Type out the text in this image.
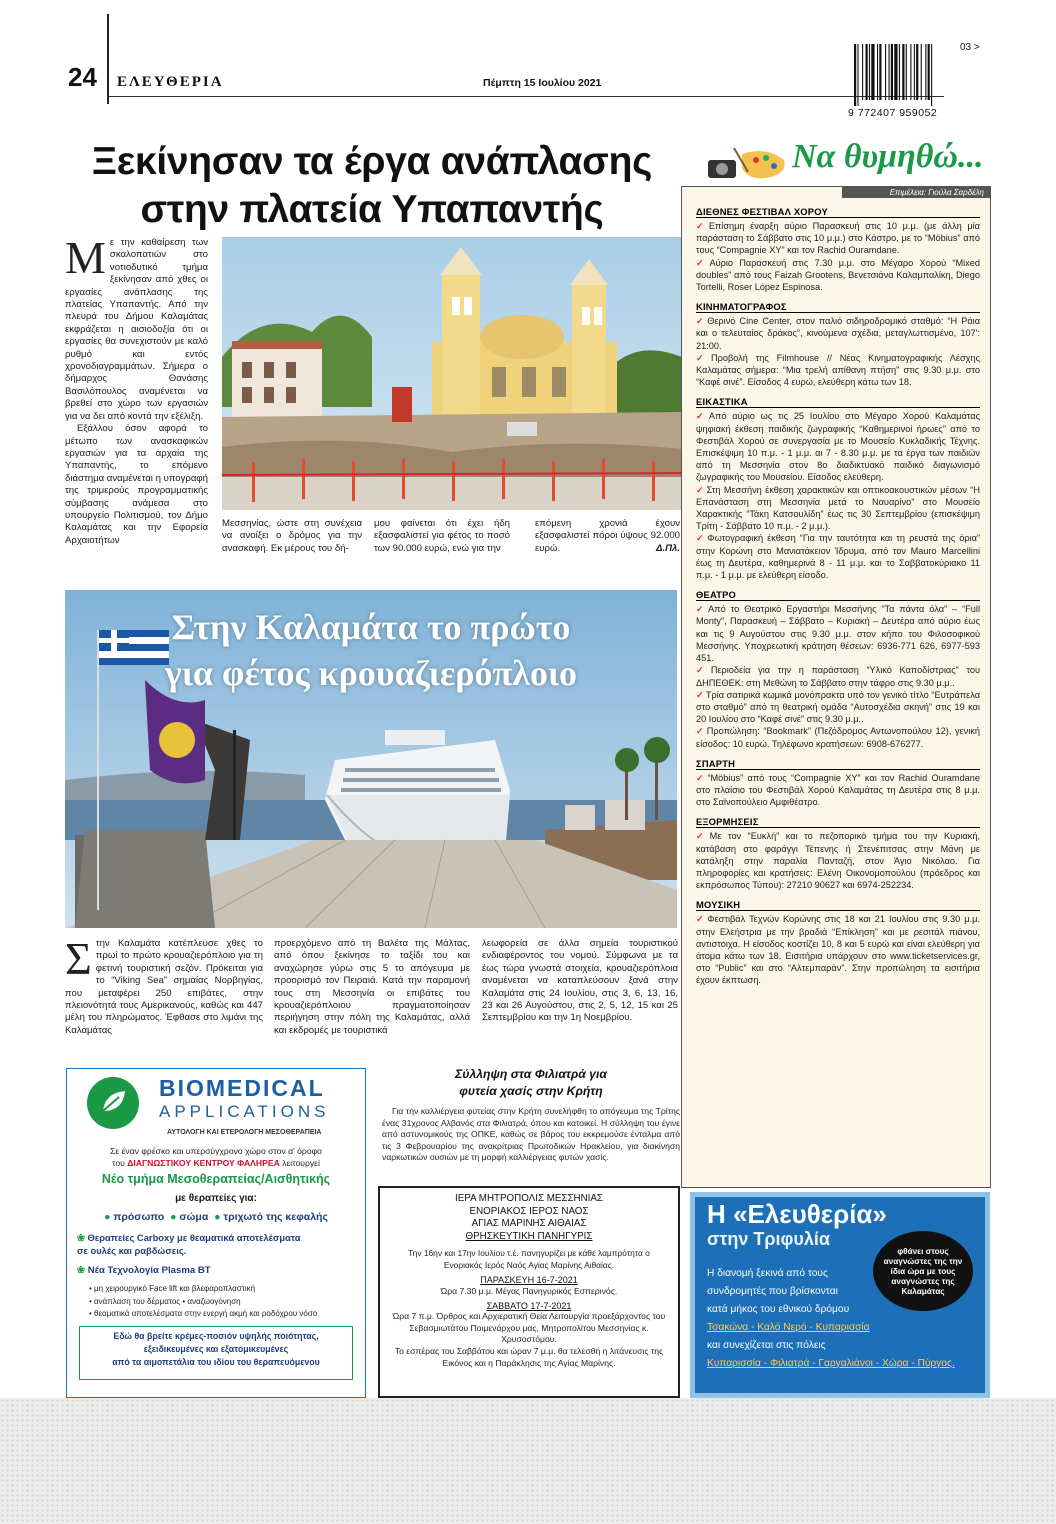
24 ΕΛΕΥΘΕΡΙΑ	Πέμπτη 15 Ιουλίου 2021
03 >
9 772407 959052
Ξεκίνησαν τα έργα ανάπλασης
στην πλατεία Υπαπαντής
Μ ε την καθαίρεση των σκαλοπατιών στο νοτιοδυτικό τμήμα ξεκίνησαν από χθες οι εργασίες ανάπλασης της πλατείας Υπαπαντής. Από την πλευρά του Δήμου Καλαμάτας εκφράζεται η αισιοδοξία ότι οι εργασίες θα συνεχιστούν με καλό ρυθμό και εντός χρονοδιαγραμμάτων. Σήμερα ο δήμαρχος Θανάσης Βασιλόπουλος αναμένεται να βρεθεί στο χώρο των εργασιών για να δει από κοντά την εξέλιξη.

Εξάλλου όσον αφορά το μέτωπο των ανασκαφικών εργασιών για τα αρχαία της Υπαπαντής, το επόμενο διάστημα αναμένεται η υπογραφή της τριμερούς προγραμματικής σύμβασης ανάμεσα στο υπουργείο Πολιτισμού, τον Δήμο Καλαμάτας και την Εφορεία Αρχαιοτήτων

Μεσσηνίας, ώστε στη συνέχεια να ανοίξει ο δρόμος για την ανασκαφή. Εκ μέρους του δή-
μου φαίνεται ότι έχει ήδη εξασφαλιστεί για φέτος το ποσό των 90.000 ευρώ, ενώ για την
επόμενη χρονιά έχουν εξασφαλιστεί πόροι ύψους 92.000 ευρώ.	Δ.Πλ.
Στην Καλαμάτα το πρώτο
για φέτος κρουαζιερόπλοιο
Σ την Καλαμάτα κατέπλευσε χθες το πρωί το πρώτο κρουαζιερόπλοιο για τη φετινή τουριστική σεζόν. Πρόκειται για το “Viking Sea” σημαίας Νορβηγίας, που μεταφέρει 250 επιβάτες, στην πλειονότητά τους Αμερικανούς, καθώς και 447 μέλη του πληρώματος. Έφθασε στο λιμάνι της Καλαμάτας
προερχόμενο από τη Βαλέτα της Μάλτας, από όπου ξεκίνησε το ταξίδι του και αναχώρησε γύρω στις 5 το απόγευμα με προορισμό τον Πειραιά. Κατά την παραμονή τους στη Μεσσηνία οι επιβάτες του κρουαζιερόπλοιου πραγματοποίησαν περιήγηση στην πόλη της Καλαμάτας, αλλά και εκδρομές με τουριστικά
λεωφορεία σε άλλα σημεία τουριστικού ενδιαφέροντος του νομού. Σύμφωνα με τα έως τώρα γνωστά στοιχεία, κρουαζιερόπλοια αναμένεται να καταπλεύσουν ξανά στην Καλαμάτα στις 24 Ιουλίου, στις 3, 6, 13, 16, 23 και 26 Αυγούστου, στις 2, 5, 12, 15 και 25 Σεπτεμβρίου και την 1η Νοεμβρίου.
BIOMEDICAL
APPLICATIONS
ΑΥΤΟΛΟΓΗ ΚΑΙ ΕΤΕΡΟΛΟΓΗ ΜΕΣΟΘΕΡΑΠΕΙΑ
Σε έναν φρέσκο και υπερσύγχρονο χώρο στον α' όροφο
του ΔΙΑΓΝΩΣΤΙΚΟΥ ΚΕΝΤΡΟΥ ΦΑΛΗΡΕΑ λειτουργεί
Νέο τμήμα Μεσοθεραπείας/Αισθητικής
με θεραπείες για:
● πρόσωπο ● σώμα ● τριχωτό της κεφαλής
❀ Θεραπείες Carboxy με θεαματικά αποτελέσματα σε ουλές και ραβδώσεις.
❀ Νέα Τεχνολογία Plasma BT
• μη χειρουργικό Face lift και βλεφαροπλαστική
• ανάπλαση του δέρματος • αναζωογόνηση
• θεαματικά αποτελέσματα στην ενεργή ακμή και ροδόχρου νόσο
Εδώ θα βρείτε κρέμες-ποσιόν υψηλής ποιότητας,
εξειδικευμένες και εξατομικευμένες
από τα αιμοπετάλια του ιδίου του θεραπευόμενου
Σύλληψη στα Φιλιατρά για
φυτεία χασίς στην Κρήτη
Για την καλλιέργεια φυτείας στην Κρήτη συνελήφθη το απόγευμα της Τρίτης ένας 31χρονος Αλβανός στα Φιλιατρά, όπου και κατοικεί. Η σύλληψη του έγινε από αστυνομικούς της ΟΠΚΕ, καθώς σε βάρος του εκκρεμούσε ένταλμα από τις 3 Φεβρουαρίου της ανακρίτριας Πρωτοδικών Ηρακλείου, για διακίνηση ναρκωτικών ουσιών με τη μορφή καλλιέργειας φυτών χασίς.
ΙΕΡΑ ΜΗΤΡΟΠΟΛΙΣ ΜΕΣΣΗΝΙΑΣ
ΕΝΟΡΙΑΚΟΣ ΙΕΡΟΣ ΝΑΟΣ
ΑΓΙΑΣ ΜΑΡΙΝΗΣ ΑΙΘΑΙΑΣ
ΘΡΗΣΚΕΥΤΙΚΗ ΠΑΝΗΓΥΡΙΣ
Την 16ην και 17ην Ιουλίου τ.έ. πανηγυρίζει με κάθε λαμπρότητα ο Ενοριακός Ιερός Ναός Αγίας Μαρίνης Αιθαίας.
ΠΑΡΑΣΚΕΥΗ 16-7-2021
Ώρα 7.30 μ.μ. Μέγας Πανηγυρικός Εσπερινός.
ΣΑΒΒΑΤΟ 17-7-2021
Ώρα 7 π.μ. Όρθρος και Αρχιερατική Θεία Λειτουργία προεξάρχοντος του Σεβασμιωτάτου Ποιμενάρχου μας, Μητροπολίτου Μεσσηνίας κ. Χρυσοστόμου.
Το εσπέρας του Σαββάτου και ώραν 7 μ.μ. θα τελεσθή η λιτάνευσις της Εικόνος και η Παράκλησις της Αγίας Μαρίνης.
Να θυμηθώ...
Επιμέλεια: Γιούλα Σαρδέλη
ΔΙΕΘΝΕΣ ΦΕΣΤΙΒΑΛ ΧΟΡΟΥ

✓ Επίσημη έναρξη αύριο Παρασκευή στις 10 μ.μ. (με άλλη μία παράσταση το Σάββατο στις 10 μ.μ.) στο Κάστρο, με το “Möbius” από τους “Compagnie XY” και τον Rachid Ouramdane.

✓ Αύριο Παρασκευή στις 7.30 μ.μ. στο Μέγαρο Χορού “Mixed doubles” από τους Faizah Grootens, Βενετσιάνα Καλαμπαλίκη, Diego Tortelli, Roser López Espinosa.

ΚΙΝΗΜΑΤΟΓΡΑΦΟΣ

✓ Θερινό Cine Center, στον παλιό σιδηροδρομικό σταθμό: “Η Ράια και ο τελευταίος δράκος”, κινούμενα σχέδια, μεταγλωττισμένο, 107': 21:00.

✓ Προβολή της Filmhouse // Νέας Κινηματογραφικής Λέσχης Καλαμάτας σήμερα: “Μια τρελή απίθανη πτήση” στις 9.30 μ.μ. στο “Καφέ σινέ”. Είσοδος 4 ευρώ, ελεύθερη κάτω των 18.

ΕΙΚΑΣΤΙΚΑ

✓ Από αύριο ως τις 25 Ιουλίου στο Μέγαρο Χορού Καλαμάτας ψηφιακή έκθεση παιδικής ζωγραφικής “Καθημερινοί ήρωες” από το Φεστιβάλ Χορού σε συνεργασία με το Μουσείο Κυκλαδικής Τέχνης. Επισκέψιμη 10 π.μ. - 1 μ.μ. αι 7 - 8.30 μ.μ. με τα έργα των παιδιών από τη Μεσσηνία στον 8ο διαδικτυακό παιδικό διαγωνισμό ζωγραφικής του Μουσείου. Είσοδος ελεύθερη.

✓ Στη Μεσσήνη έκθεση χαρακτικών και οπτικοακουστικών μέσων “Η Επανάσταση στη Μεσσηνία μετά το Ναυαρίνο” στο Μουσείο Χαρακτικής “Τάκη Κατσουλίδη” έως τις 30 Σεπτεμβρίου (επισκέψιμη Τρίτη - Σάββατο 10 π.μ. - 2 μ.μ.).

✓ Φωτογραφική έκθεση “Για την ταυτότητα και τη ρευστά της όρια” στην Κορώνη στο Μανιατάκειον Ίδρυμα, από τον Mauro Marcellini έως τη Δευτέρα, καθημερινά 8 - 11 μ.μ. και το Σαββατοκύριακο 11 π.μ. - 1 μ.μ. με ελεύθερη είσοδο.

ΘΕΑΤΡΟ

✓ Από το Θεατρικό Εργαστήρι Μεσσήνης “Τα πάντα όλα” – “Full Monty”, Παρασκευή – Σάββατο – Κυριακή – Δευτέρα από αύριο έως και τις 9 Αυγούστου στις 9.30 μ.μ. στον κήπο του Φιλοσοφικού Μεσσήνης. Υποχρεωτική κράτηση θέσεων: 6936-771 626, 6977-593 451.

✓ Περιοδεία για την η παράσταση “Υλικό Καποδίστριας” του ΔΗΠΕΘΕΚ: στη Μεθώνη το Σάββατο στην τάφρο στις 9.30 μ.μ..

✓ Τρία σατιρικά κωμικά μονόπρακτα υπό τον γενικό τίτλο “Ευτράπελα στο σταθμό” από τη θεατρική ομάδα “Αυτοσχέδια σκηνή” στις 19 και 20 Ιουλίου στο “Καφέ σινέ” στις 9.30 μ.μ..

✓ Προπώληση: “Bookmark” (Πεζόδρομος Αντωνοπούλου 12), γενική είσοδος: 10 ευρώ. Τηλέφωνο κρατήσεων: 6908-676277.

ΣΠΑΡΤΗ

✓ “Möbius” από τους “Compagnie XY” και τον Rachid Ouramdane στο πλαίσιο του Φεστιβάλ Χορού Καλαμάτας τη Δευτέρα στις 8 μ.μ. στο Σαϊνοπούλειο Αμφιθέατρο.

ΕΞΟΡΜΗΣΕΙΣ

✓ Με τον “Ευκλή” και το πεζοπορικό τμήμα του την Κυριακή, κατάβαση στο φαράγγι Τέπενης ή Στενέπιτσας στην Μάνη με κατάληξη στην παραλία Πανταζή, στον Άγιο Νικόλαο. Για πληροφορίες και κρατήσεις: Ελένη Οικονομοπούλου (πρόεδρος και εκπρόσωπος Τύπου): 27210 90627 και 6974-252234.

ΜΟΥΣΙΚΗ

✓ Φεστιβάλ Τεχνών Κορώνης στις 18 και 21 Ιουλίου στις 9.30 μ.μ. στην Ελεήστρια με την βραδιά “Επίκληση” και με ρεσιτάλ πιάνου, αντιστοιχα. Η είσοδος κοστίζει 10, 8 και 5 ευρώ και είναι ελεύθερη για άτομα κάτω των 18. Εισιτήρια υπάρχουν στο www.ticketservices.gr, στο “Public” και στο “Αλτεμπαράν”. Στην προπώληση τα εισιτήρια έχουν έκπτωση.

Η «Ελευθερία»
στην Τριφυλία
φθάνει στους αναγνώστες της την ίδια ώρα με τους αναγνώστες της Καλαμάτας
Η διανομή ξεκινά από τους
συνδρομητές που βρίσκονται
κατά μήκος του εθνικού δρόμου
Τσακώνα - Καλό Νερό - Κυπαρισσία
και συνεχίζεται στις πόλεις
Κυπαρισσία - Φιλιατρά - Γαργαλιάνοι - Χώρα - Πύργος.
